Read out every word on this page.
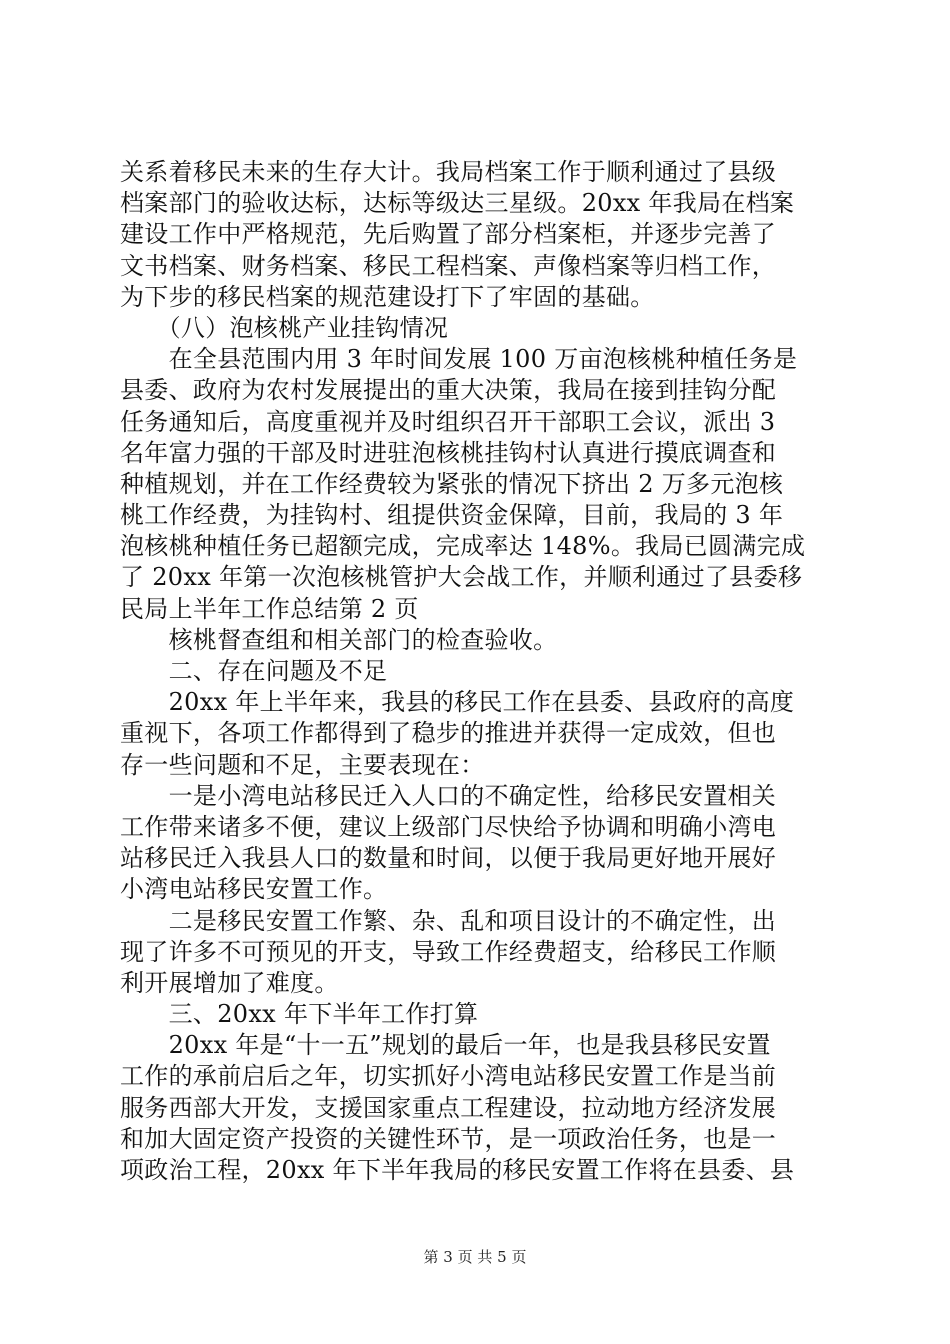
关系着移民未来的生存大计。我局档案工作于顺利通过了县级
档案部门的验收达标，达标等级达三星级。20xx 年我局在档案
建设工作中严格规范，先后购置了部分档案柜，并逐步完善了
文书档案、财务档案、移民工程档案、声像档案等归档工作，
为下步的移民档案的规范建设打下了牢固的基础。
　　（八）泡核桃产业挂钩情况
　　在全县范围内用 3 年时间发展 100 万亩泡核桃种植任务是
县委、政府为农村发展提出的重大决策，我局在接到挂钩分配
任务通知后，高度重视并及时组织召开干部职工会议，派出 3
名年富力强的干部及时进驻泡核桃挂钩村认真进行摸底调查和
种植规划，并在工作经费较为紧张的情况下挤出 2 万多元泡核
桃工作经费，为挂钩村、组提供资金保障，目前，我局的 3 年
泡核桃种植任务已超额完成，完成率达 148%。我局已圆满完成
了 20xx 年第一次泡核桃管护大会战工作，并顺利通过了县委移
民局上半年工作总结第 2 页
　　核桃督查组和相关部门的检查验收。
　　二、存在问题及不足
　　20xx 年上半年来，我县的移民工作在县委、县政府的高度
重视下，各项工作都得到了稳步的推进并获得一定成效，但也
存一些问题和不足，主要表现在：
　　一是小湾电站移民迁入人口的不确定性，给移民安置相关
工作带来诸多不便，建议上级部门尽快给予协调和明确小湾电
站移民迁入我县人口的数量和时间，以便于我局更好地开展好
小湾电站移民安置工作。
　　二是移民安置工作繁、杂、乱和项目设计的不确定性，出
现了许多不可预见的开支，导致工作经费超支，给移民工作顺
利开展增加了难度。
　　三、20xx 年下半年工作打算
　　20xx 年是“十一五”规划的最后一年，也是我县移民安置
工作的承前启后之年，切实抓好小湾电站移民安置工作是当前
服务西部大开发，支援国家重点工程建设，拉动地方经济发展
和加大固定资产投资的关键性环节，是一项政治任务，也是一
项政治工程，20xx 年下半年我局的移民安置工作将在县委、县
第 3 页 共 5 页
